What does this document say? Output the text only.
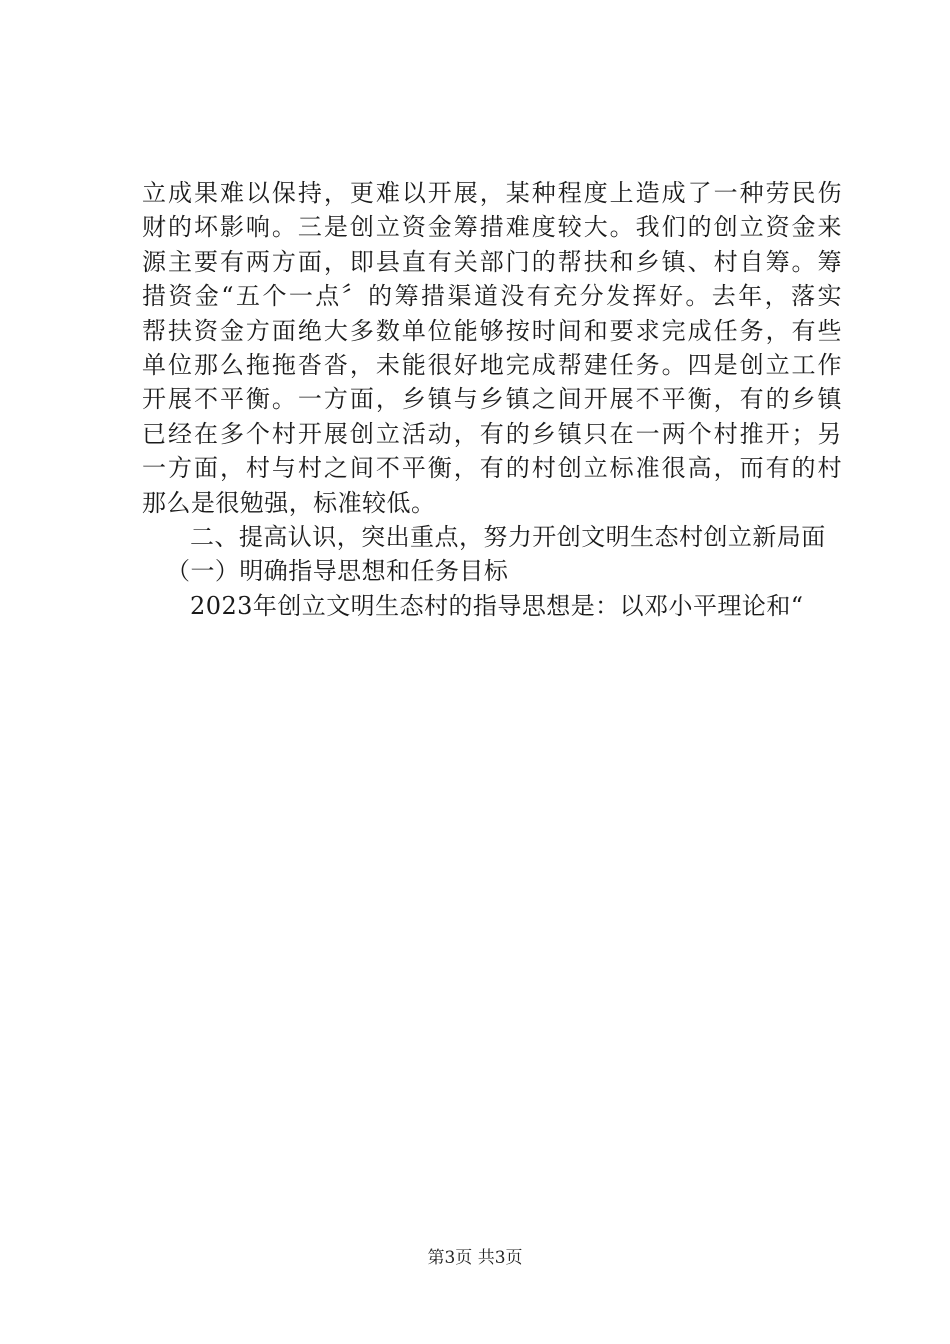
立成果难以保持，更难以开展，某种程度上造成了一种劳民伤
财的坏影响。三是创立资金筹措难度较大。我们的创立资金来
源主要有两方面，即县直有关部门的帮扶和乡镇、村自筹。筹
措资金“五个一点〞的筹措渠道没有充分发挥好。去年，落实
帮扶资金方面绝大多数单位能够按时间和要求完成任务，有些
单位那么拖拖沓沓，未能很好地完成帮建任务。四是创立工作
开展不平衡。一方面，乡镇与乡镇之间开展不平衡，有的乡镇
已经在多个村开展创立活动，有的乡镇只在一两个村推开；另
一方面，村与村之间不平衡，有的村创立标准很高，而有的村
那么是很勉强，标准较低。
二、提高认识，突出重点，努力开创文明生态村创立新局面
（一）明确指导思想和任务目标
2023年创立文明生态村的指导思想是：以邓小平理论和“
第3页 共3页
